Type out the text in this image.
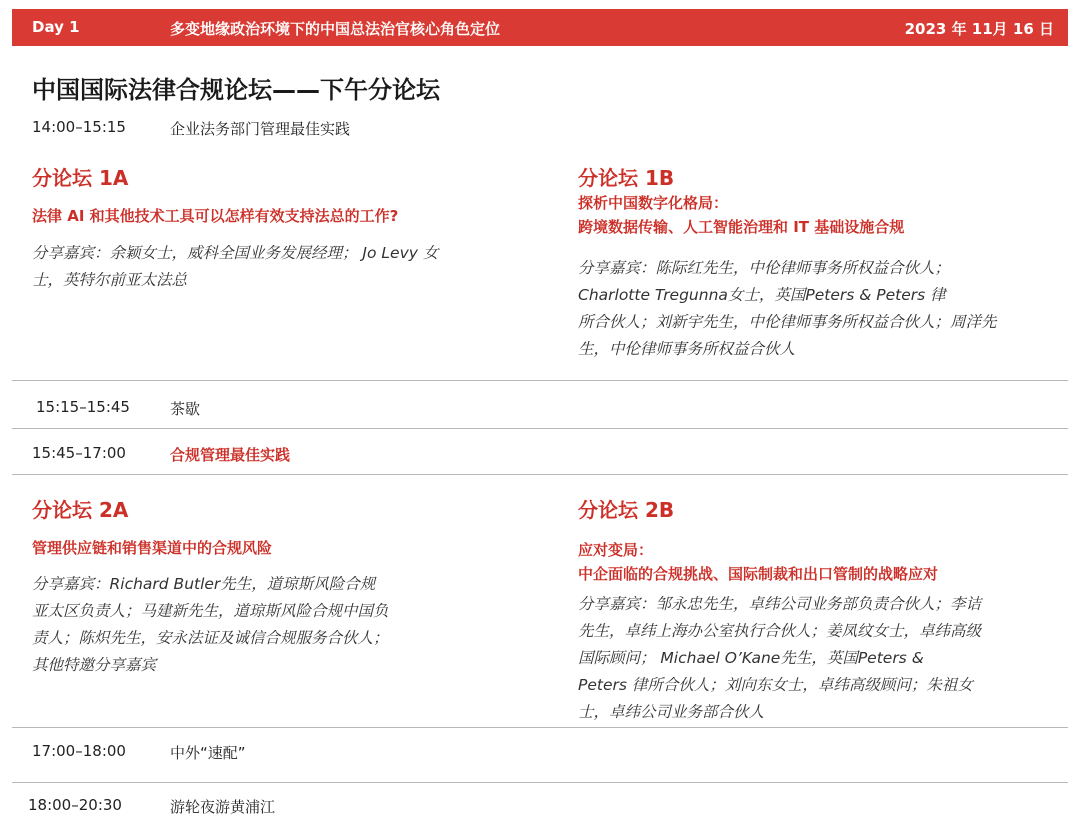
Day 1	多变地缘政治环境下的中国总法治官核心角色定位	2023 年 11月 16 日
中国国际法律合规论坛——下午分论坛
14:00–15:15	企业法务部门管理最佳实践
分论坛 1A
法律 AI 和其他技术工具可以怎样有效支持法总的工作?
分享嘉宾：余颖女士，威科全国业务发展经理； Jo Levy 女
士，英特尔前亚太法总
分论坛 1B
探析中国数字化格局：
跨境数据传输、人工智能治理和 IT 基础设施合规
分享嘉宾：陈际红先生，中伦律师事务所权益合伙人；
Charlotte Tregunna女士，英国Peters & Peters 律
所合伙人；刘新宇先生，中伦律师事务所权益合伙人；周洋先
生，中伦律师事务所权益合伙人
15:15–15:45	茶歇
15:45–17:00	合规管理最佳实践
分论坛 2A
管理供应链和销售渠道中的合规风险
分享嘉宾：Richard Butler先生，道琼斯风险合规
亚太区负责人；马建新先生，道琼斯风险合规中国负
责人；陈炽先生，安永法证及诚信合规服务合伙人；
其他特邀分享嘉宾
分论坛 2B
应对变局：
中企面临的合规挑战、国际制裁和出口管制的战略应对
分享嘉宾：邹永忠先生，卓纬公司业务部负责合伙人；李诘
先生，卓纬上海办公室执行合伙人；姜凤纹女士，卓纬高级
国际顾问； Michael O’Kane先生，英国Peters &
Peters 律所合伙人；刘向东女士，卓纬高级顾问；朱祖女
士，卓纬公司业务部合伙人
17:00–18:00	中外“速配”
18:00–20:30	游轮夜游黄浦江
